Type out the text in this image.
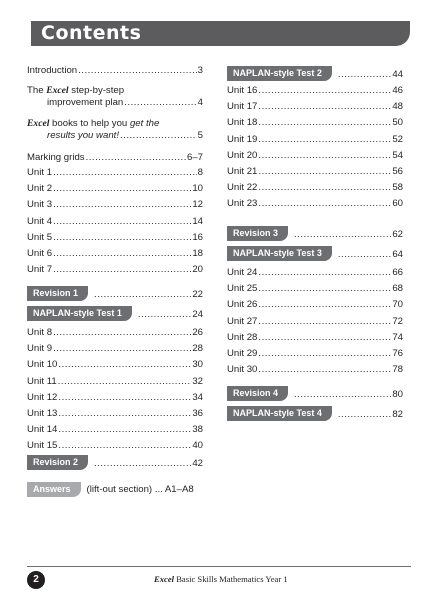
Contents
Introduction .....	3
The Excel step-by-step
improvement plan .....	4
Excel books to help you get the
results you want! .....	5
Marking grids .....	6–7
Unit 1 .....	8
Unit 2 .....	10
Unit 3 .....	12
Unit 4 .....	14
Unit 5 .....	16
Unit 6 .....	18
Unit 7 .....	20
Revision 1 .....	22
NAPLAN-style Test 1 .....	24
Unit 8 .....	26
Unit 9 .....	28
Unit 10 .....	30
Unit 11 .....	32
Unit 12 .....	34
Unit 13 .....	36
Unit 14 .....	38
Unit 15 .....	40
Revision 2 .....	42
Answers	(lift-out section) ... A1–A8
NAPLAN-style Test 2 .....	44
Unit 16 .....	46
Unit 17 .....	48
Unit 18 .....	50
Unit 19 .....	52
Unit 20 .....	54
Unit 21 .....	56
Unit 22 .....	58
Unit 23 .....	60
Revision 3 .....	62
NAPLAN-style Test 3 .....	64
Unit 24 .....	66
Unit 25 .....	68
Unit 26 .....	70
Unit 27 .....	72
Unit 28 .....	74
Unit 29 .....	76
Unit 30 .....	78
Revision 4 .....	80
NAPLAN-style Test 4 .....	82
2	Excel Basic Skills Mathematics Year 1
